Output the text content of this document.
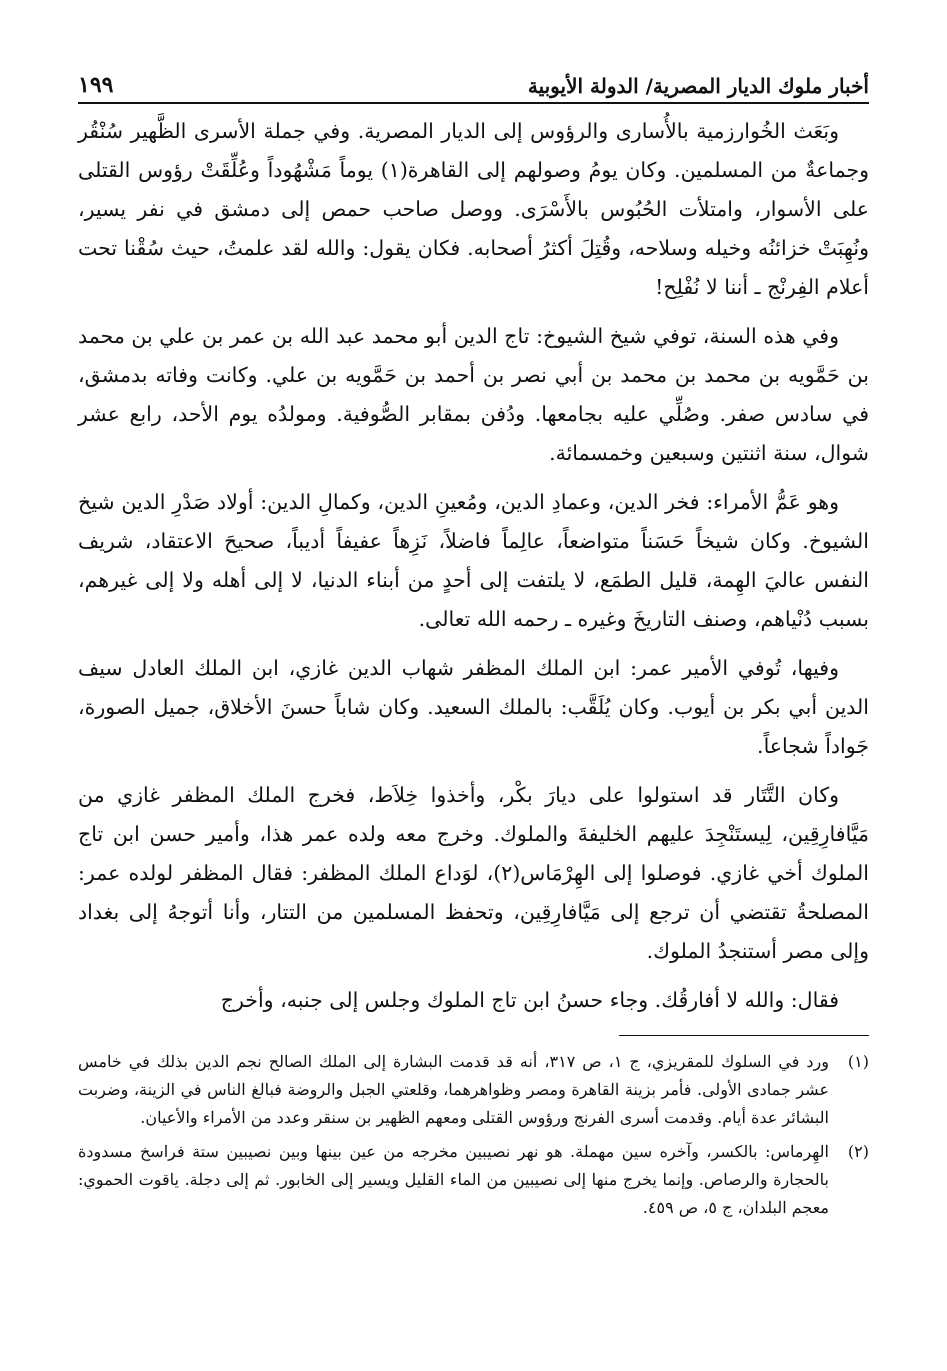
أخبار ملوك الديار المصرية/ الدولة الأيوبية
١٩٩

وبَعَث الخُوارزمية بالأُسارى والرؤوس إلى الديار المصرية. وفي جملة الأسرى الظَّهير سُنْقُر وجماعةٌ من المسلمين. وكان يومُ وصولهم إلى القاهرة(١) يوماً مَشْهُوداً وعُلِّقَتْ رؤوس القتلى على الأسوار، وامتلأت الحُبُوس بالأَسْرَى. ووصل صاحب حمص إلى دمشق في نفر يسير، ونُهِبَتْ خزائنُه وخيله وسلاحه، وقُتِلَ أكثرُ أصحابه. فكان يقول: والله لقد علمتُ، حيث سُقْنا تحت أعلام الفِرنْج ـ أننا لا نُفْلِح!

وفي هذه السنة، توفي شيخ الشيوخ: تاج الدين أبو محمد عبد الله بن عمر بن علي بن محمد بن حَمَّويه بن محمد بن محمد بن أبي نصر بن أحمد بن حَمَّويه بن علي. وكانت وفاته بدمشق، في سادس صفر. وصُلِّي عليه بجامعها. ودُفن بمقابر الصُّوفية. ومولدُه يوم الأحد، رابع عشر شوال، سنة اثنتين وسبعين وخمسمائة.

وهو عَمُّ الأمراء: فخر الدين، وعمادِ الدين، ومُعينِ الدين، وكمالِ الدين: أولاد صَدْرِ الدين شيخ الشيوخ. وكان شيخاً حَسَناً متواضعاً، عالِماً فاضلاً، نَزِهاً عفيفاً أديباً، صحيحَ الاعتقاد، شريف النفس عاليَ الهِمة، قليل الطمَع، لا يلتفت إلى أحدٍ من أبناء الدنيا، لا إلى أهله ولا إلى غيرهم، بسبب دُنْياهم، وصنف التاريخَ وغيره ـ رحمه الله تعالى.

وفيها، تُوفي الأمير عمر: ابن الملك المظفر شهاب الدين غازي، ابن الملك العادل سيف الدين أبي بكر بن أيوب. وكان يُلَقَّب: بالملك السعيد. وكان شاباً حسنَ الأخلاق، جميل الصورة، جَواداً شجاعاً.

وكان التَّتَار قد استولوا على ديارَ بكْر، وأخذوا خِلاَط، فخرج الملك المظفر غازي من مَيَّافارِقِين، لِيستَنْجِدَ عليهم الخليفةَ والملوك. وخرج معه ولده عمر هذا، وأمير حسن ابن تاج الملوك أخي غازي. فوصلوا إلى الهِرْمَاس(٢)، لوَداع الملك المظفر: فقال المظفر لولده عمر: المصلحةُ تقتضي أن ترجع إلى مَيَّافارِقِين، وتحفظ المسلمين من التتار، وأنا أتوجهُ إلى بغداد وإلى مصر أستنجدُ الملوك.

فقال: والله لا أفارقُك. وجاء حسنُ ابن تاج الملوك وجلس إلى جنبه، وأخرج

(١)
ورد في السلوك للمقريزي، ج ١، ص ٣١٧، أنه قد قدمت البشارة إلى الملك الصالح نجم الدين بذلك في خامس عشر جمادى الأولى. فأمر بزينة القاهرة ومصر وظواهرهما، وقلعتي الجبل والروضة فبالغ الناس في الزينة، وضربت البشائر عدة أيام. وقدمت أسرى الفرنج ورؤوس القتلى ومعهم الظهير بن سنقر وعدد من الأمراء والأعيان.
(٢)
الهِرماس: بالكسر، وآخره سين مهملة. هو نهر نصيبين مخرجه من عين بينها وبين نصيبين ستة فراسخ مسدودة بالحجارة والرصاص. وإنما يخرج منها إلى نصيبين من الماء القليل ويسير إلى الخابور. ثم إلى دجلة. ياقوت الحموي: معجم البلدان، ج ٥، ص ٤٥٩.
